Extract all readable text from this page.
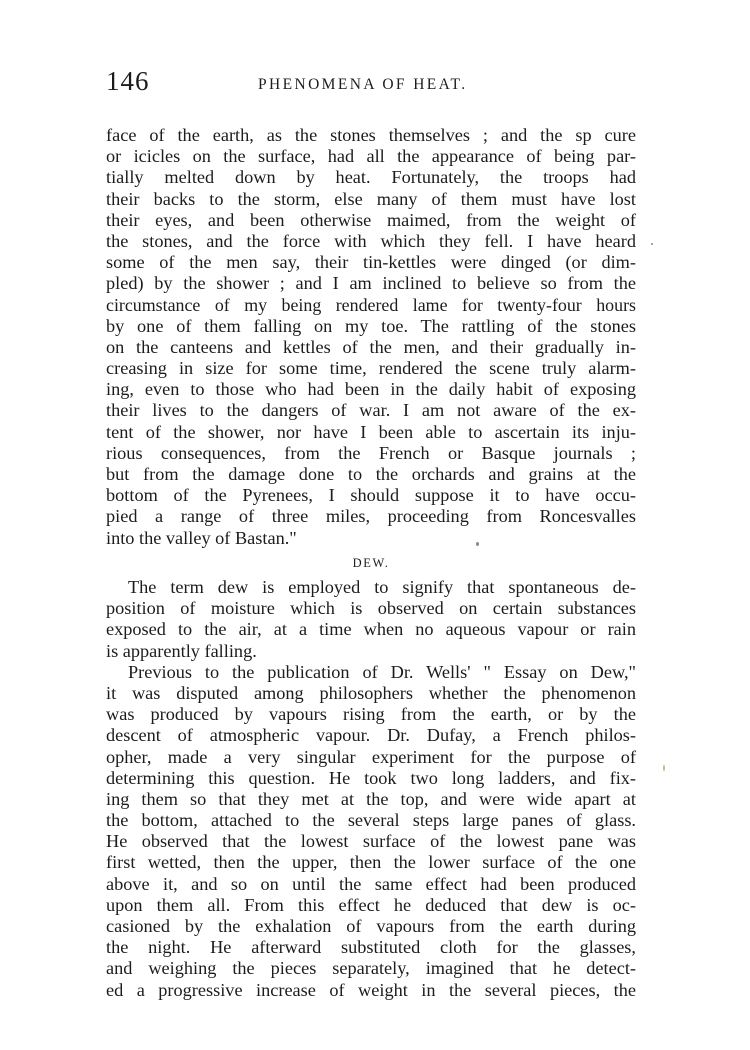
146	PHENOMENA OF HEAT.
face of the earth, as the stones themselves ; and the sp cure
or icicles on the surface, had all the appearance of being par-
tially melted down by heat. Fortunately, the troops had
their backs to the storm, else many of them must have lost
their eyes, and been otherwise maimed, from the weight of
the stones, and the force with which they fell. I have heard
some of the men say, their tin-kettles were dinged (or dim-
pled) by the shower ; and I am inclined to believe so from the
circumstance of my being rendered lame for twenty-four hours
by one of them falling on my toe. The rattling of the stones
on the canteens and kettles of the men, and their gradually in-
creasing in size for some time, rendered the scene truly alarm-
ing, even to those who had been in the daily habit of exposing
their lives to the dangers of war. I am not aware of the ex-
tent of the shower, nor have I been able to ascertain its inju-
rious consequences, from the French or Basque journals ;
but from the damage done to the orchards and grains at the
bottom of the Pyrenees, I should suppose it to have occu-
pied a range of three miles, proceeding from Roncesvalles
into the valley of Bastan."
DEW.
The term dew is employed to signify that spontaneous de-
position of moisture which is observed on certain substances
exposed to the air, at a time when no aqueous vapour or rain
is apparently falling.
Previous to the publication of Dr. Wells' " Essay on Dew,"
it was disputed among philosophers whether the phenomenon
was produced by vapours rising from the earth, or by the
descent of atmospheric vapour. Dr. Dufay, a French philos-
opher, made a very singular experiment for the purpose of
determining this question. He took two long ladders, and fix-
ing them so that they met at the top, and were wide apart at
the bottom, attached to the several steps large panes of glass.
He observed that the lowest surface of the lowest pane was
first wetted, then the upper, then the lower surface of the one
above it, and so on until the same effect had been produced
upon them all. From this effect he deduced that dew is oc-
casioned by the exhalation of vapours from the earth during
the night. He afterward substituted cloth for the glasses,
and weighing the pieces separately, imagined that he detect-
ed a progressive increase of weight in the several pieces, the
